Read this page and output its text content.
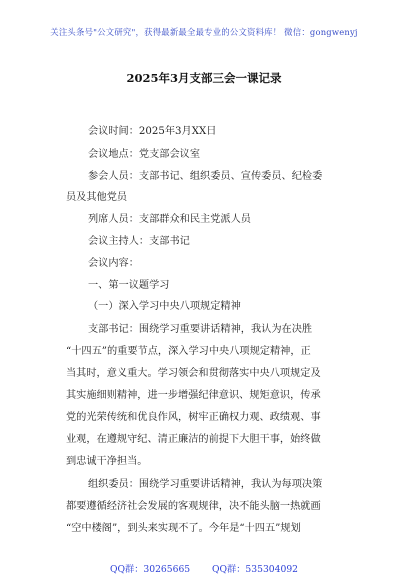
关注头条号"公文研究"，获得最新最全最专业的公文资料库！ 微信：gongwenyj
2025年3月支部三会一课记录
会议时间：2025年3月XX日
会议地点：党支部会议室
参会人员：支部书记、组织委员、宣传委员、纪检委
员及其他党员
列席人员：支部群众和民主党派人员
会议主持人：支部书记
会议内容：
一、第一议题学习
（一）深入学习中央八项规定精神
支部书记：围绕学习重要讲话精神，我认为在决胜
“十四五”的重要节点，深入学习中央八项规定精神，正
当其时，意义重大。学习领会和贯彻落实中央八项规定及
其实施细则精神，进一步增强纪律意识、规矩意识，传承
党的光荣传统和优良作风，树牢正确权力观、政绩观、事
业观，在遵规守纪、清正廉洁的前提下大胆干事，始终做
到忠诚干净担当。
组织委员：围绕学习重要讲话精神，我认为每项决策
都要遵循经济社会发展的客观规律，决不能头脑一热就画
“空中楼阁”，到头来实现不了。今年是“十四五”规划
QQ群：30265665 QQ群：535304092
